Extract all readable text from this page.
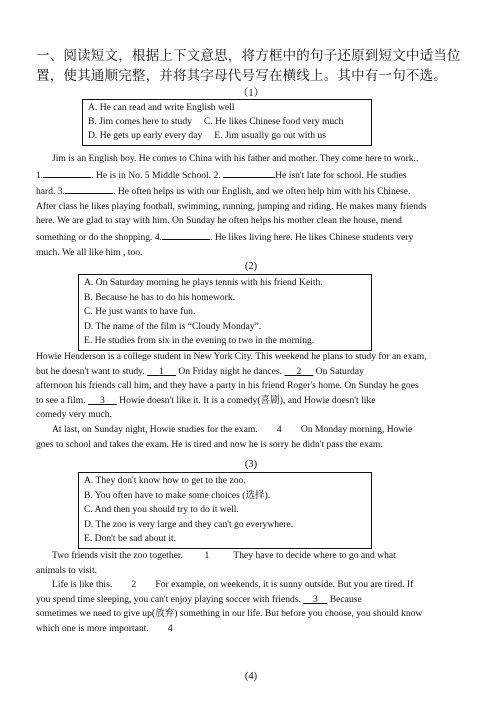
一、阅读短文，根据上下文意思，将方框中的句子还原到短文中适当位置，使其通顺完整，并将其字母代号写在横线上。其中有一句不选。
（1）
A. He can read and write English well
B. Jim comes here to study C. He likes Chinese food very much
D. He gets up early every day E. Jim usually go out with us

Jim is an English boy. He comes to China with his father and mother. They come here to work..

1.	. He is in No. 5 Middle School. 2.	He isn't late for school. He studies

hard. 3.	. He often helps us with our English, and we often help him with his Chinese.

After class he likes playing football, swimming, running, jumping and riding. He makes many friends

here. We are glad to stay with him. On Sunday he often helps his mother clean the house, mend

something or do the shopping. 4.	. He likes living here. He likes Chinese students very

much. We all like him , too.

(2)
A. On Saturday morning he plays tennis with his friend Keith.
B. Because he has to do his homework.
C. He just wants to have fun.
D. The name of the film is “Cloudy Monday”.
E. He studies from six in the evening to two in the morning.

Howie Henderson is a college student in New York City. This weekend he plans to study for an exam,

but he doesn't want to study. 1 On Friday night he dances. 2 On Saturday

afternoon his friends call him, and they have a party in his friend Roger's home. On Sunday he goes

to see a film. 3 Howie doesn't like it. It is a comedy(喜剧), and Howie doesn't like

comedy very much.

At last, on Sunday night, Howie studies for the exam. 4 On Monday morning, Howie

goes to school and takes the exam. He is tired and now he is sorry he didn't pass the exam.

(3)
A. They don't know how to get to the zoo.
B. You often have to make some choices (选择).
C. And then you should try to do it well.
D. The zoo is very large and they can't go everywhere.
E. Don't be sad about it.

Two friends visit the zoo together. 1 They have to decide where to go and what

animals to visit.

Life is like this. 2 For example, on weekends, it is sunny outside. But you are tired. If

you spend time sleeping, you can't enjoy playing soccer with friends. 3 Because

sometimes we need to give up(放弃) something in our life. But before you choose, you should know

which one is more important. 4

(4)
